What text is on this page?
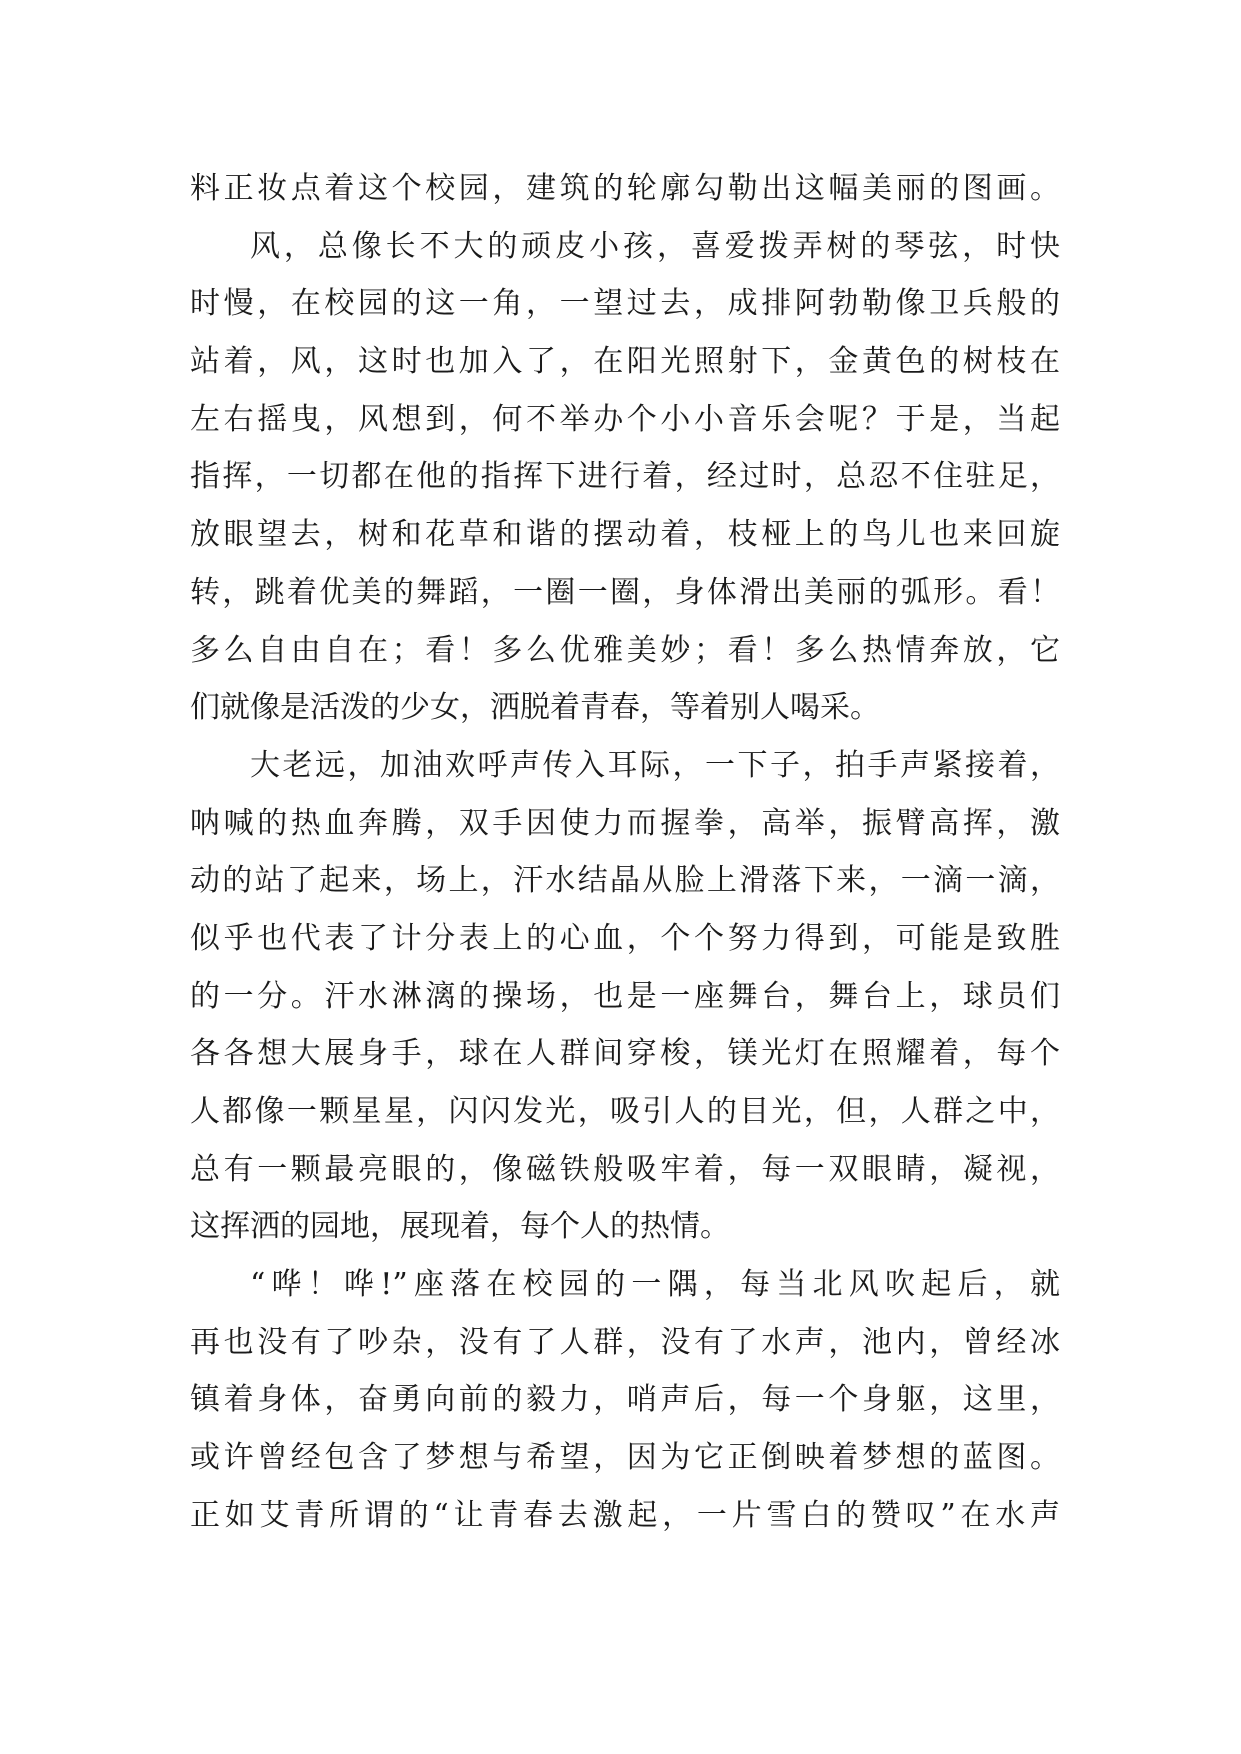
料正妆点着这个校园，建筑的轮廓勾勒出这幅美丽的图画。
风，总像长不大的顽皮小孩，喜爱拨弄树的琴弦，时快
时慢，在校园的这一角，一望过去，成排阿勃勒像卫兵般的
站着，风，这时也加入了，在阳光照射下，金黄色的树枝在
左右摇曳，风想到，何不举办个小小音乐会呢？于是，当起
指挥，一切都在他的指挥下进行着，经过时，总忍不住驻足，
放眼望去，树和花草和谐的摆动着，枝桠上的鸟儿也来回旋
转，跳着优美的舞蹈，一圈一圈，身体滑出美丽的弧形。看！
多么自由自在；看！多么优雅美妙；看！多么热情奔放，它
们就像是活泼的少女，洒脱着青春，等着别人喝采。
大老远，加油欢呼声传入耳际，一下子，拍手声紧接着，
呐喊的热血奔腾，双手因使力而握拳，高举，振臂高挥，激
动的站了起来，场上，汗水结晶从脸上滑落下来，一滴一滴，
似乎也代表了计分表上的心血，个个努力得到，可能是致胜
的一分。汗水淋漓的操场，也是一座舞台，舞台上，球员们
各各想大展身手，球在人群间穿梭，镁光灯在照耀着，每个
人都像一颗星星，闪闪发光，吸引人的目光，但，人群之中，
总有一颗最亮眼的，像磁铁般吸牢着，每一双眼睛，凝视，
这挥洒的园地，展现着，每个人的热情。
“哗！哗!”座落在校园的一隅，每当北风吹起后，就
再也没有了吵杂，没有了人群，没有了水声，池内，曾经冰
镇着身体，奋勇向前的毅力，哨声后，每一个身躯，这里，
或许曾经包含了梦想与希望，因为它正倒映着梦想的蓝图。
正如艾青所谓的“让青春去激起，一片雪白的赞叹”在水声
